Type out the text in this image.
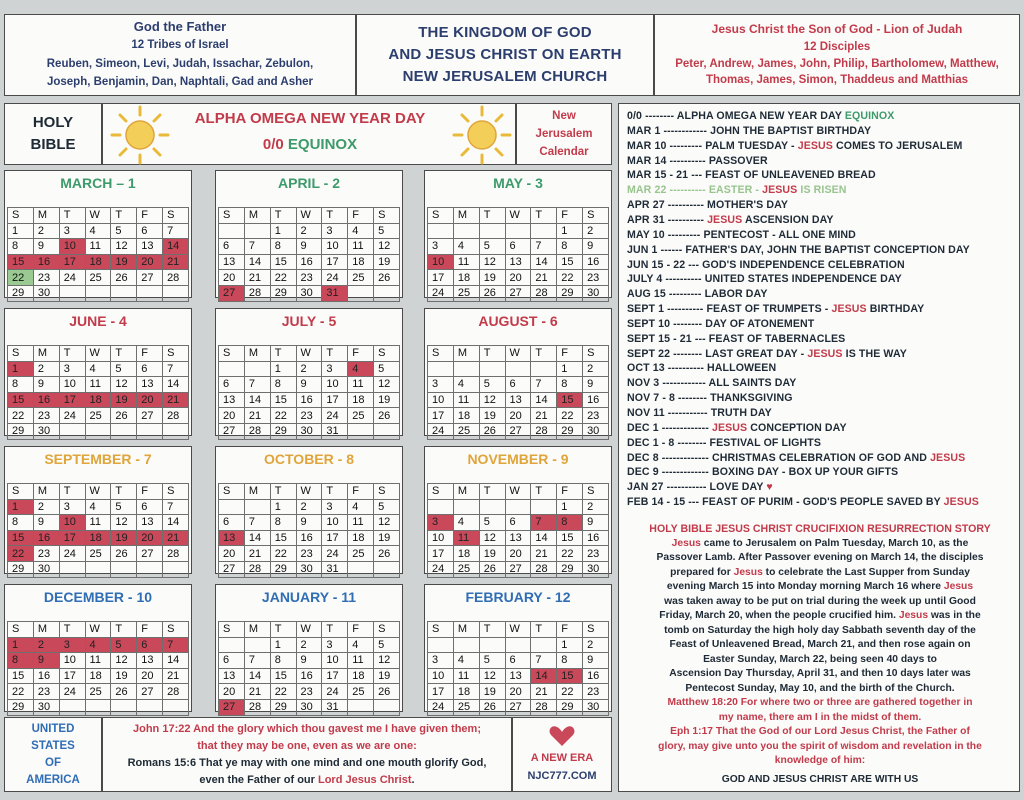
God the Father
12 Tribes of Israel
Reuben, Simeon, Levi, Judah, Issachar, Zebulon,
Joseph, Benjamin, Dan, Naphtali, Gad and Asher
THE KINGDOM OF GOD
AND JESUS CHRIST ON EARTH
NEW JERUSALEM CHURCH
Jesus Christ the Son of God - Lion of Judah
12 Disciples
Peter, Andrew, James, John, Philip, Bartholomew, Matthew,
Thomas, James, Simon, Thaddeus and Matthias
HOLY
BIBLE
ALPHA OMEGA NEW YEAR DAY
0/0 EQUINOX
New
Jerusalem
Calendar
MARCH – 1
S	M	T	W	T	F	S
1	2	3	4	5	6	7
8	9	10	11	12	13	14
15	16	17	18	19	20	21
22	23	24	25	26	27	28
29	30					
APRIL - 2
S	M	T	W	T	F	S
		1	2	3	4	5
6	7	8	9	10	11	12
13	14	15	16	17	18	19
20	21	22	23	24	25	26
27	28	29	30	31		
MAY - 3
S	M	T	W	T	F	S
					1	2
3	4	5	6	7	8	9
10	11	12	13	14	15	16
17	18	19	20	21	22	23
24	25	26	27	28	29	30
JUNE - 4
S	M	T	W	T	F	S
1	2	3	4	5	6	7
8	9	10	11	12	13	14
15	16	17	18	19	20	21
22	23	24	25	26	27	28
29	30					
JULY - 5
S	M	T	W	T	F	S
		1	2	3	4	5
6	7	8	9	10	11	12
13	14	15	16	17	18	19
20	21	22	23	24	25	26
27	28	29	30	31		
AUGUST - 6
S	M	T	W	T	F	S
					1	2
3	4	5	6	7	8	9
10	11	12	13	14	15	16
17	18	19	20	21	22	23
24	25	26	27	28	29	30
SEPTEMBER - 7
S	M	T	W	T	F	S
1	2	3	4	5	6	7
8	9	10	11	12	13	14
15	16	17	18	19	20	21
22	23	24	25	26	27	28
29	30					
OCTOBER - 8
S	M	T	W	T	F	S
		1	2	3	4	5
6	7	8	9	10	11	12
13	14	15	16	17	18	19
20	21	22	23	24	25	26
27	28	29	30	31		
NOVEMBER - 9
S	M	T	W	T	F	S
					1	2
3	4	5	6	7	8	9
10	11	12	13	14	15	16
17	18	19	20	21	22	23
24	25	26	27	28	29	30
DECEMBER - 10
S	M	T	W	T	F	S
1	2	3	4	5	6	7
8	9	10	11	12	13	14
15	16	17	18	19	20	21
22	23	24	25	26	27	28
29	30					
JANUARY - 11
S	M	T	W	T	F	S
		1	2	3	4	5
6	7	8	9	10	11	12
13	14	15	16	17	18	19
20	21	22	23	24	25	26
27	28	29	30	31		
FEBRUARY - 12
S	M	T	W	T	F	S
					1	2
3	4	5	6	7	8	9
10	11	12	13	14	15	16
17	18	19	20	21	22	23
24	25	26	27	28	29	30
0/0 -------- ALPHA OMEGA NEW YEAR DAY EQUINOX
MAR 1 ------------ JOHN THE BAPTIST BIRTHDAY
MAR 10 --------- PALM TUESDAY - JESUS COMES TO JERUSALEM
MAR 14 ---------- PASSOVER
MAR 15 - 21 --- FEAST OF UNLEAVENED BREAD
MAR 22 ---------- EASTER - JESUS IS RISEN
APR 27 ---------- MOTHER'S DAY
APR 31 ---------- JESUS ASCENSION DAY
MAY 10 --------- PENTECOST - ALL ONE MIND
JUN 1 ------ FATHER'S DAY, JOHN THE BAPTIST CONCEPTION DAY
JUN 15 - 22 --- GOD'S INDEPENDENCE CELEBRATION
JULY 4 ---------- UNITED STATES INDEPENDENCE DAY
AUG 15 --------- LABOR DAY
SEPT 1 ---------- FEAST OF TRUMPETS - JESUS BIRTHDAY
SEPT 10 -------- DAY OF ATONEMENT
SEPT 15 - 21 --- FEAST OF TABERNACLES
SEPT 22 -------- LAST GREAT DAY - JESUS IS THE WAY
OCT 13 ---------- HALLOWEEN
NOV 3 ------------ ALL SAINTS DAY
NOV 7 - 8 -------- THANKSGIVING
NOV 11 ----------- TRUTH DAY
DEC 1 ------------- JESUS CONCEPTION DAY
DEC 1 - 8 -------- FESTIVAL OF LIGHTS
DEC 8 ------------- CHRISTMAS CELEBRATION OF GOD AND JESUS
DEC 9 ------------- BOXING DAY - BOX UP YOUR GIFTS
JAN 27 ----------- LOVE DAY ♥
FEB 14 - 15 --- FEAST OF PURIM - GOD'S PEOPLE SAVED BY JESUS
HOLY BIBLE JESUS CHRIST CRUCIFIXION RESURRECTION STORY
Jesus came to Jerusalem on Palm Tuesday, March 10, as the
Passover Lamb. After Passover evening on March 14, the disciples
prepared for Jesus to celebrate the Last Supper from Sunday
evening March 15 into Monday morning March 16 where Jesus
was taken away to be put on trial during the week up until Good
Friday, March 20, when the people crucified him. Jesus was in the
tomb on Saturday the high holy day Sabbath seventh day of the
Feast of Unleavened Bread, March 21, and then rose again on
Easter Sunday, March 22, being seen 40 days to
Ascension Day Thursday, April 31, and then 10 days later was
Pentecost Sunday, May 10, and the birth of the Church.
Matthew 18:20 For where two or three are gathered together in
my name, there am I in the midst of them.
Eph 1:17 That the God of our Lord Jesus Christ, the Father of
glory, may give unto you the spirit of wisdom and revelation in the
knowledge of him:
GOD AND JESUS CHRIST ARE WITH US
UNITED
STATES
OF
AMERICA
John 17:22 And the glory which thou gavest me I have given them;
that they may be one, even as we are one:
Romans 15:6 That ye may with one mind and one mouth glorify God,
even the Father of our Lord Jesus Christ.
A NEW ERA
NJC777.COM
